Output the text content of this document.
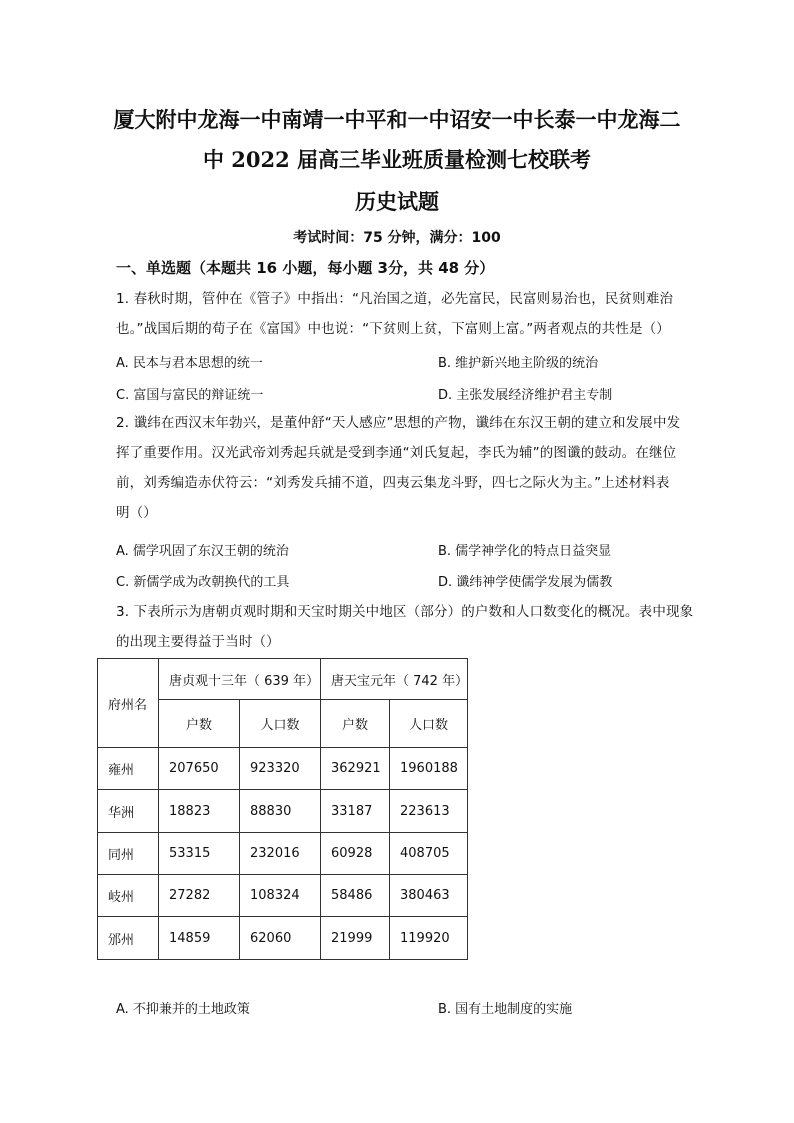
厦大附中龙海一中南靖一中平和一中诏安一中长泰一中龙海二
中 2022 届高三毕业班质量检测七校联考
历史试题
考试时间：75 分钟，满分：100
一、单选题（本题共 16 小题，每小题 3分，共 48 分）
1. 春秋时期，管仲在《管子》中指出：“凡治国之道，必先富民，民富则易治也，民贫则难治
也。”战国后期的荀子在《富国》中也说：“下贫则上贫，下富则上富。”两者观点的共性是（）
A. 民本与君本思想的统一	B. 维护新兴地主阶级的统治
C. 富国与富民的辩证统一	D. 主张发展经济维护君主专制
2. 谶纬在西汉末年勃兴，是董仲舒“天人感应”思想的产物，谶纬在东汉王朝的建立和发展中发
挥了重要作用。汉光武帝刘秀起兵就是受到李通“刘氏复起，李氏为辅”的图谶的鼓动。在继位
前，刘秀编造赤伏符云：“刘秀发兵捕不道，四夷云集龙斗野，四七之际火为主。”上述材料表
明（）
A. 儒学巩固了东汉王朝的统治	B. 儒学神学化的特点日益突显
C. 新儒学成为改朝换代的工具	D. 谶纬神学使儒学发展为儒教
3. 下表所示为唐朝贞观时期和天宝时期关中地区（部分）的户数和人口数变化的概况。表中现象
的出现主要得益于当时（）
府州名	唐贞观十三年（ 639 年）		唐天宝元年（ 742 年）	
	户数	人口数	户数	人口数
雍州	207650	923320	362921	1960188
华洲	18823	88830	33187	223613
同州	53315	232016	60928	408705
岐州	27282	108324	58486	380463
邠州	14859	62060	21999	119920
A. 不抑兼并的土地政策	B. 国有土地制度的实施
